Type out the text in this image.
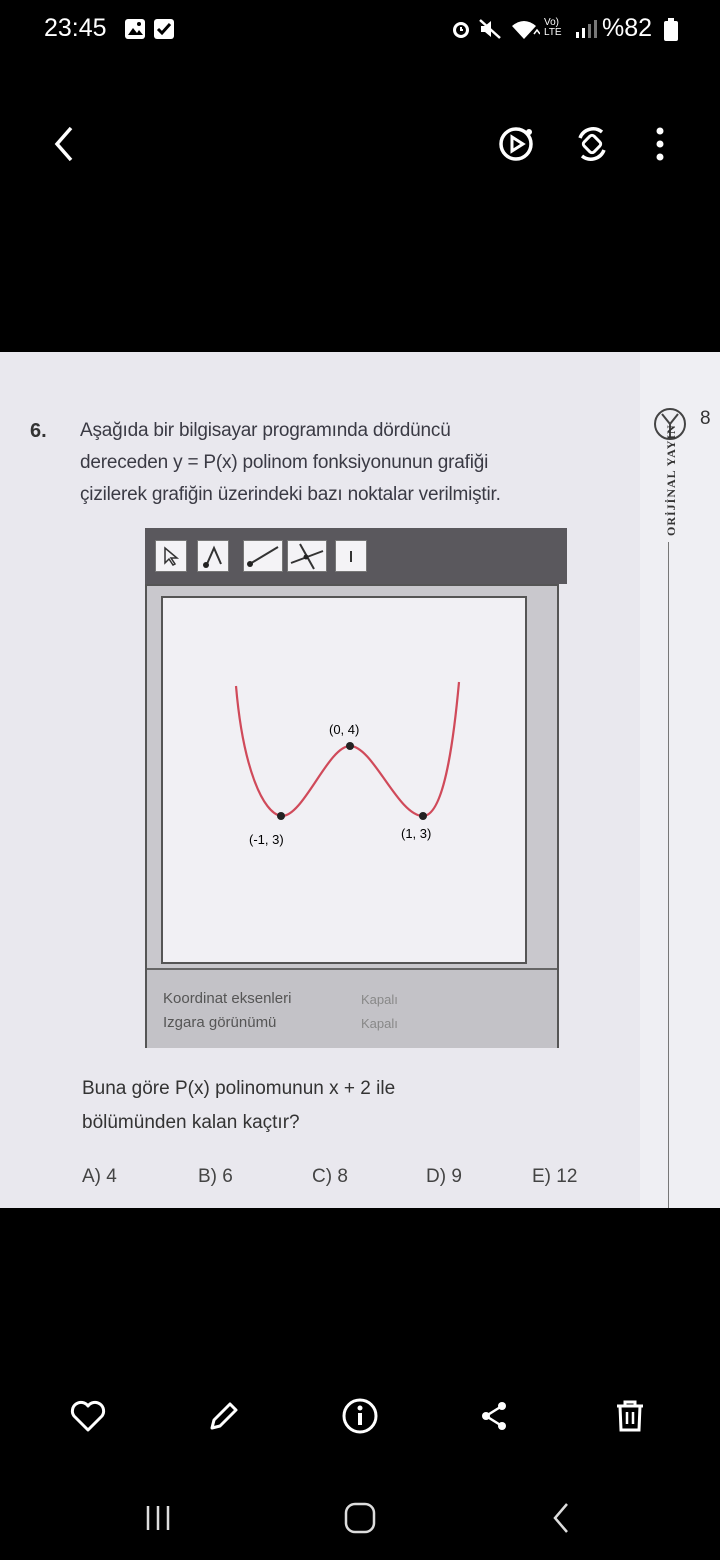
23:45	Vo) LTE %82
ORİJİNAL YAYIN
8
6. Aşağıda bir bilgisayar programında dördüncü
dereceden y = P(x) polinom fonksiyonunun grafiği
çizilerek grafiğin üzerindeki bazı noktalar verilmiştir.
(-1, 3)
(0, 4)
(1, 3)
Koordinat eksenleri	Kapalı
Izgara görünümü	Kapalı
Buna göre P(x) polinomunun x + 2 ile
bölümünden kalan kaçtır?
A) 4	B) 6	C) 8	D) 9	E) 12
